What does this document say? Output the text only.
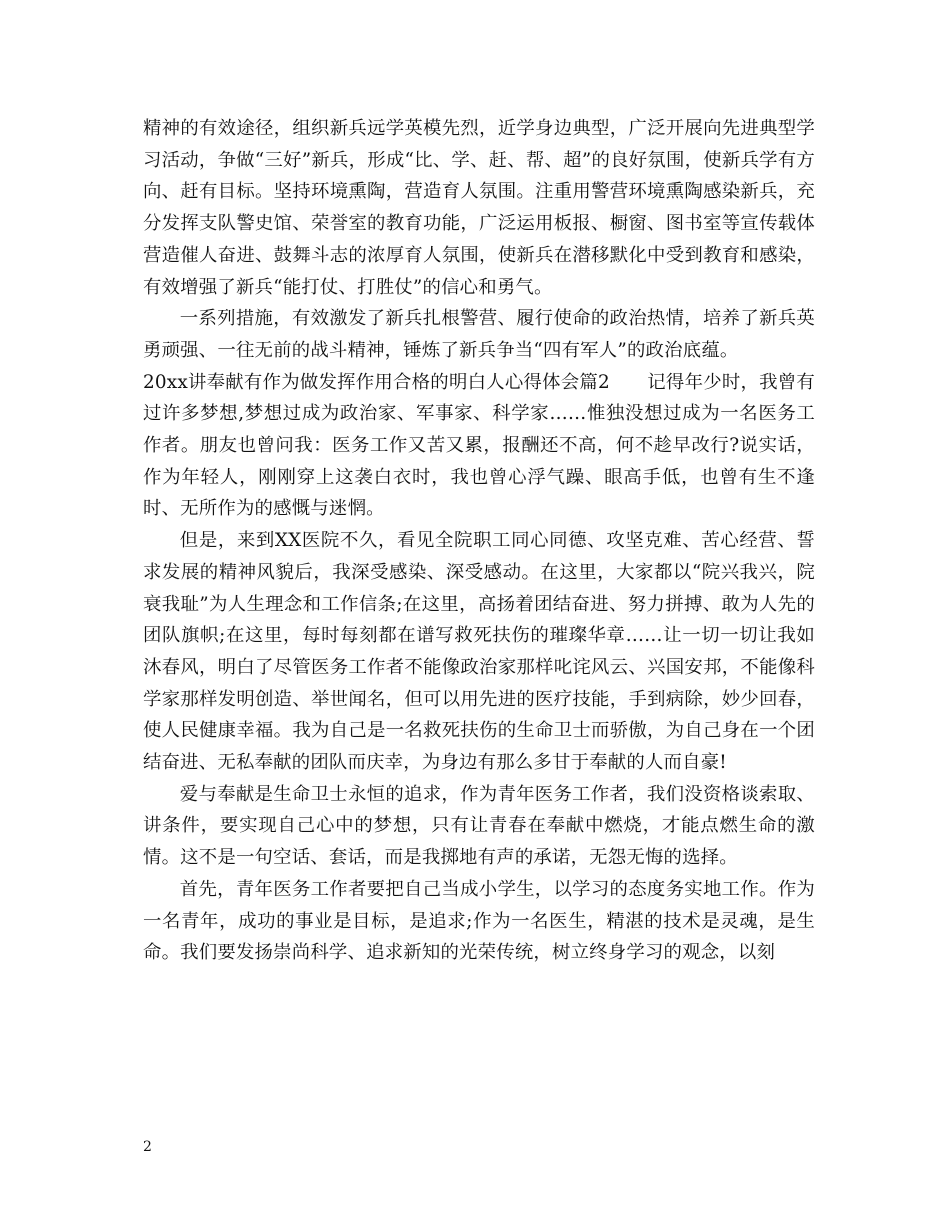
精神的有效途径，组织新兵远学英模先烈，近学身边典型，广泛开展向先进典型学习活动，争做“三好”新兵，形成“比、学、赶、帮、超”的良好氛围，使新兵学有方向、赶有目标。坚持环境熏陶，营造育人氛围。注重用警营环境熏陶感染新兵，充分发挥支队警史馆、荣誉室的教育功能，广泛运用板报、橱窗、图书室等宣传载体营造催人奋进、鼓舞斗志的浓厚育人氛围，使新兵在潜移默化中受到教育和感染，有效增强了新兵“能打仗、打胜仗”的信心和勇气。

一系列措施，有效激发了新兵扎根警营、履行使命的政治热情，培养了新兵英勇顽强、一往无前的战斗精神，锤炼了新兵争当“四有军人”的政治底蕴。

20xx讲奉献有作为做发挥作用合格的明白人心得体会篇2　　记得年少时，我曾有过许多梦想,梦想过成为政治家、军事家、科学家……惟独没想过成为一名医务工作者。朋友也曾问我：医务工作又苦又累，报酬还不高，何不趁早改行?说实话，作为年轻人，刚刚穿上这袭白衣时，我也曾心浮气躁、眼高手低，也曾有生不逢时、无所作为的感慨与迷惘。

但是，来到XX医院不久，看见全院职工同心同德、攻坚克难、苦心经营、誓求发展的精神风貌后，我深受感染、深受感动。在这里，大家都以“院兴我兴，院衰我耻”为人生理念和工作信条;在这里，高扬着团结奋进、努力拼搏、敢为人先的团队旗帜;在这里，每时每刻都在谱写救死扶伤的璀璨华章……让一切一切让我如沐春风，明白了尽管医务工作者不能像政治家那样叱诧风云、兴国安邦，不能像科学家那样发明创造、举世闻名，但可以用先进的医疗技能，手到病除，妙少回春，使人民健康幸福。我为自己是一名救死扶伤的生命卫士而骄傲，为自己身在一个团结奋进、无私奉献的团队而庆幸，为身边有那么多甘于奉献的人而自豪!

爱与奉献是生命卫士永恒的追求，作为青年医务工作者，我们没资格谈索取、讲条件，要实现自己心中的梦想，只有让青春在奉献中燃烧，才能点燃生命的激情。这不是一句空话、套话，而是我掷地有声的承诺，无怨无悔的选择。

首先，青年医务工作者要把自己当成小学生，以学习的态度务实地工作。作为一名青年，成功的事业是目标，是追求;作为一名医生，精湛的技术是灵魂，是生命。我们要发扬崇尚科学、追求新知的光荣传统，树立终身学习的观念，以刻

2
